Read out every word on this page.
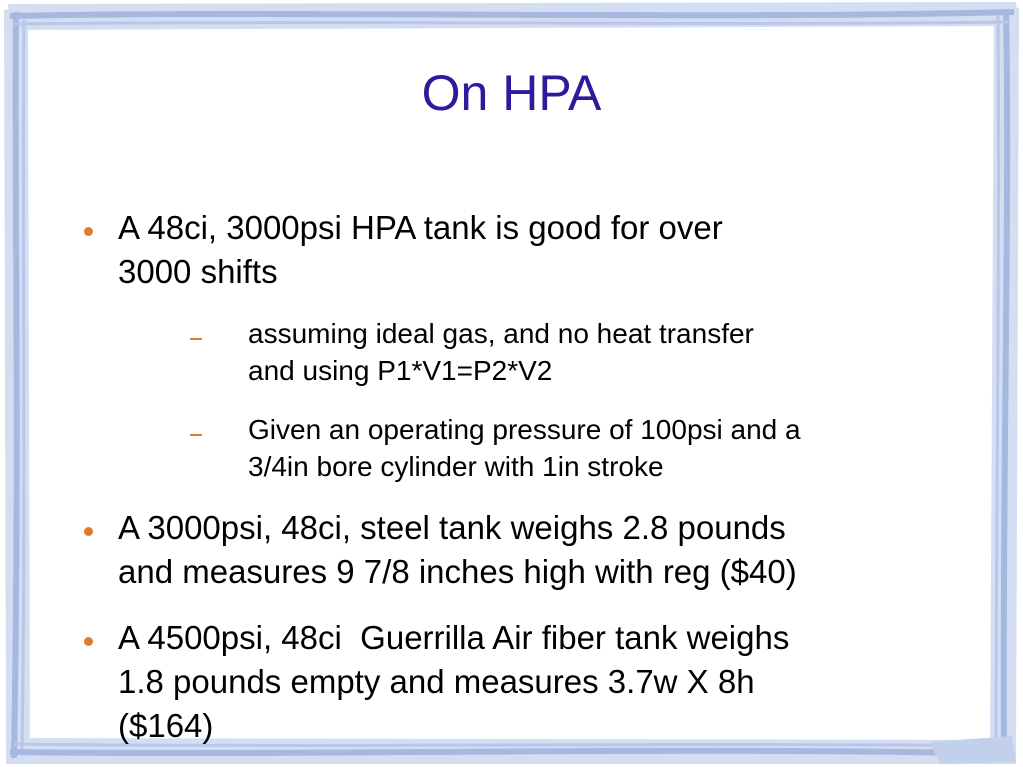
On HPA
A 48ci, 3000psi HPA tank is good for over
3000 shifts
assuming ideal gas, and no heat transfer
and using P1*V1=P2*V2
Given an operating pressure of 100psi and a
3/4in bore cylinder with 1in stroke
A 3000psi, 48ci, steel tank weighs 2.8 pounds
and measures 9 7/8 inches high with reg ($40)
A 4500psi, 48ci  Guerrilla Air fiber tank weighs
1.8 pounds empty and measures 3.7w X 8h
($164)
